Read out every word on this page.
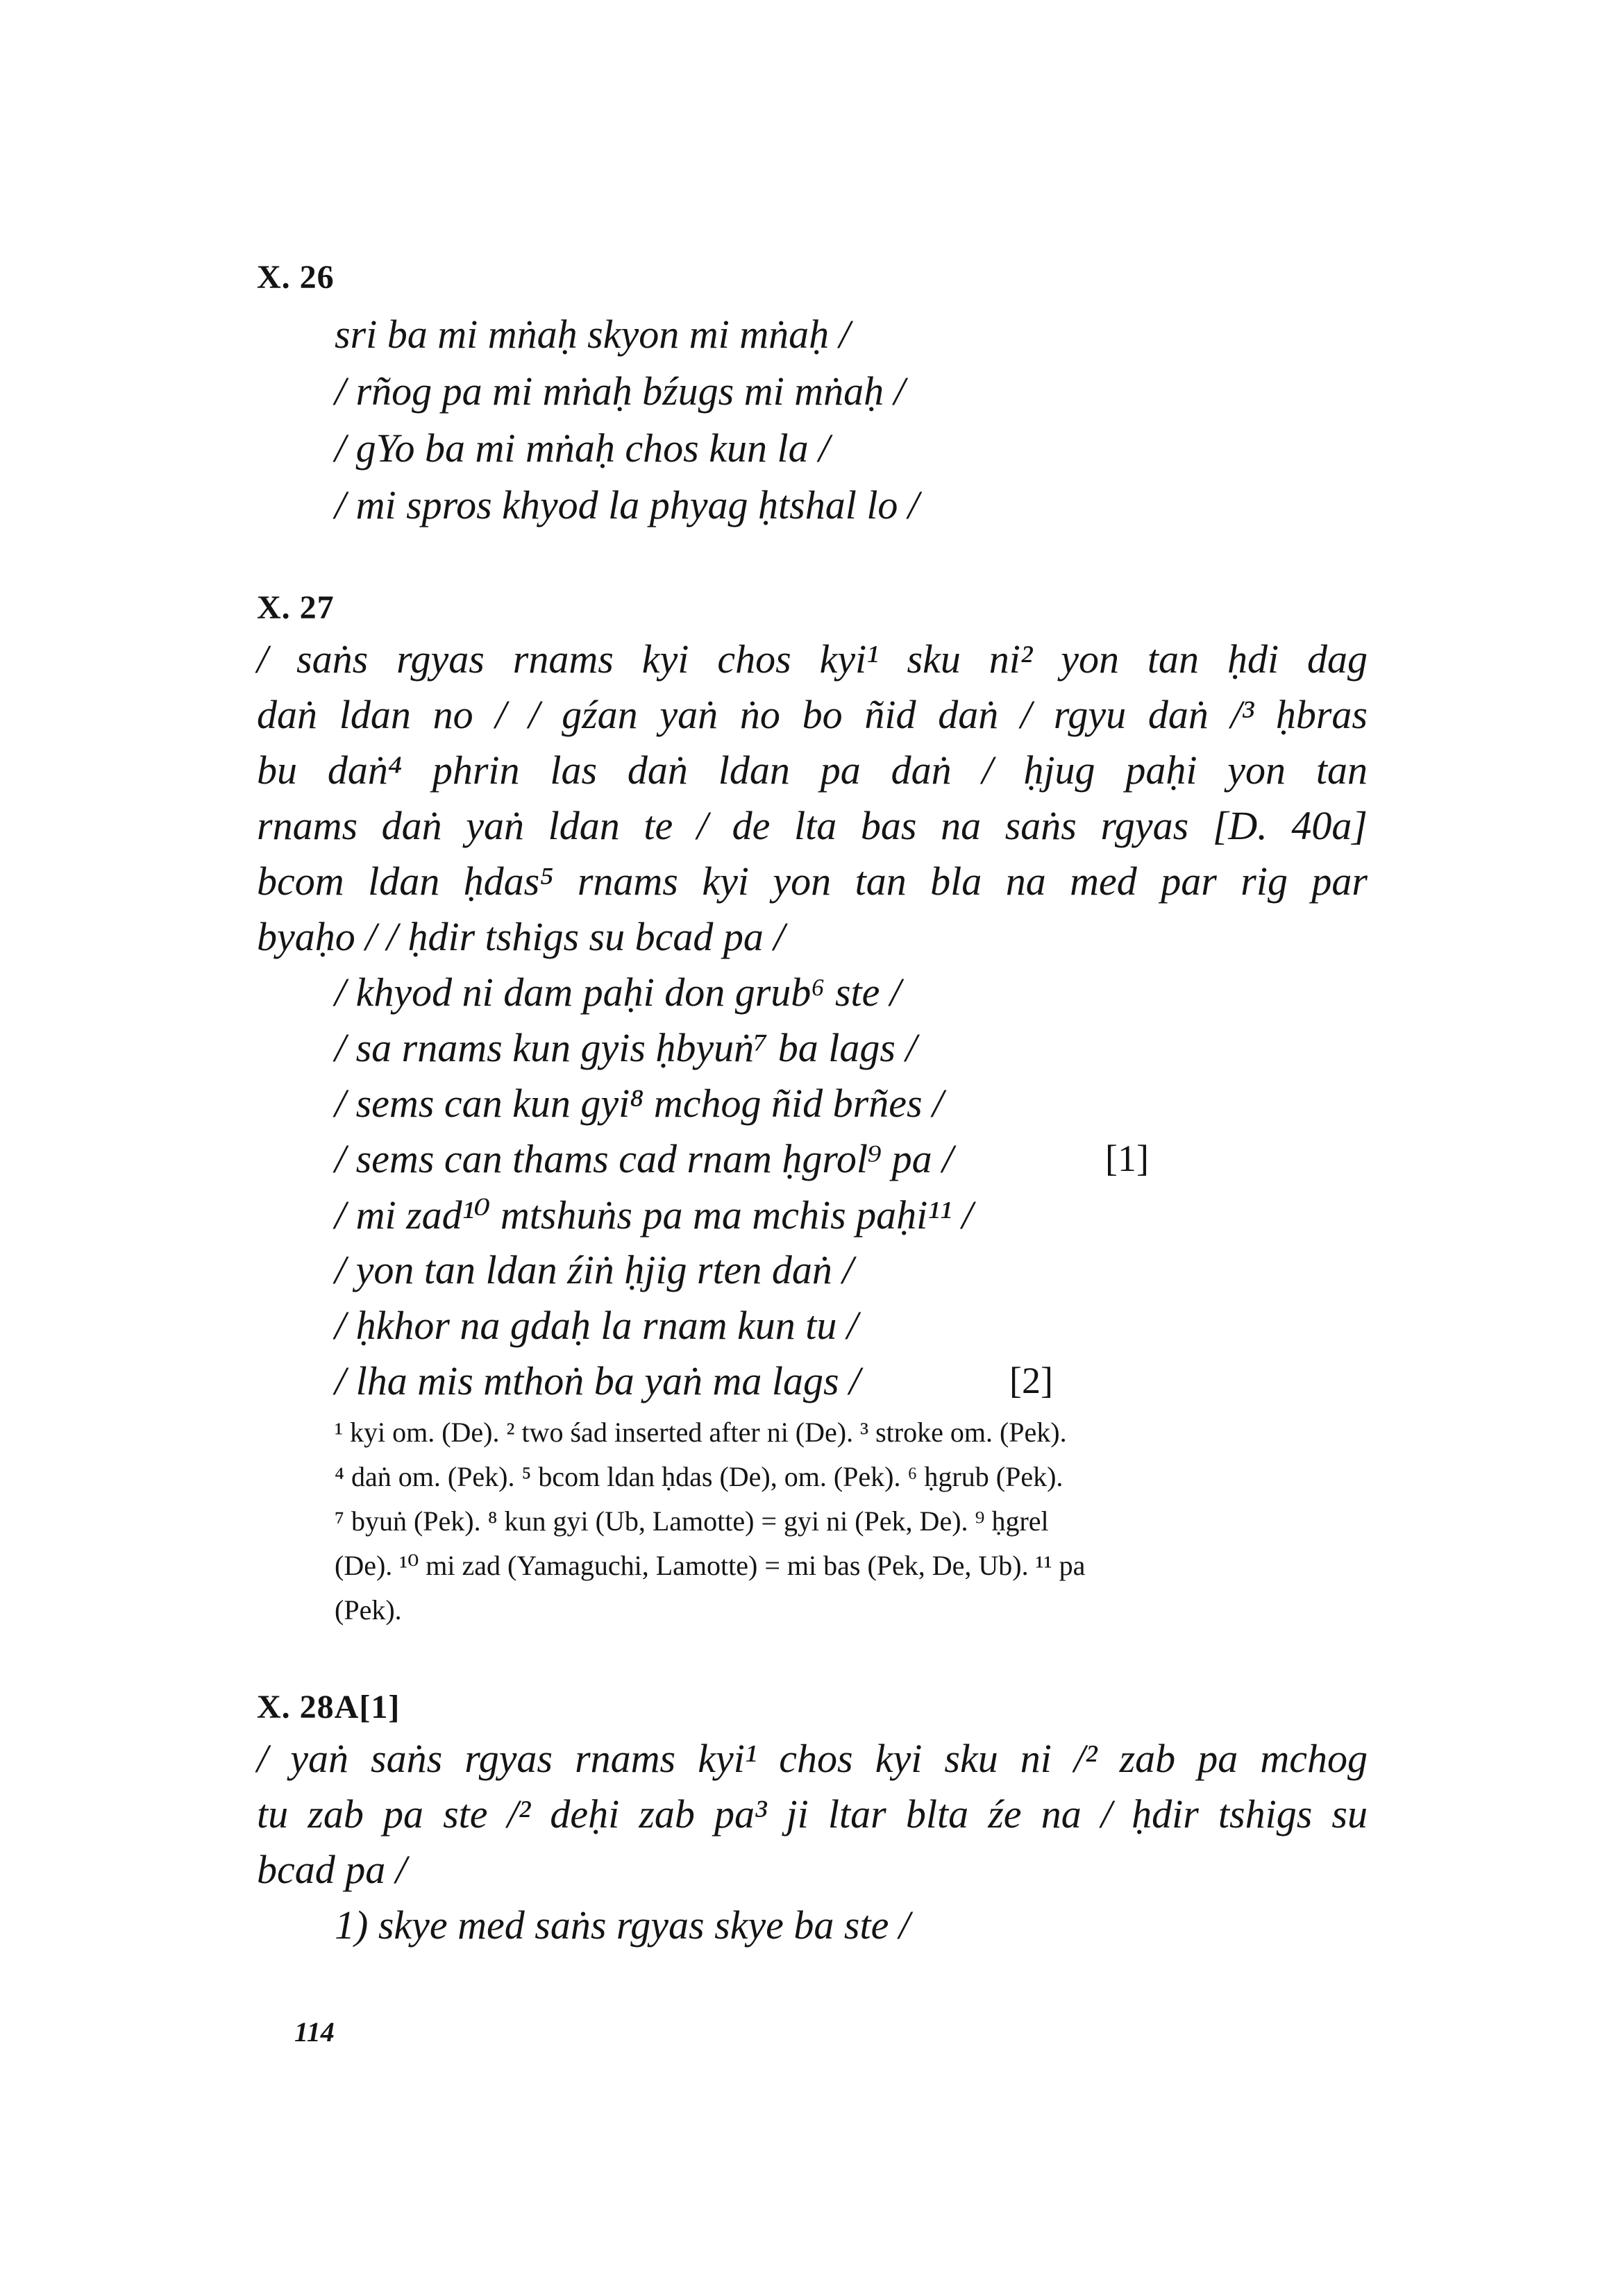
X. 26
sri ba mi mṅaḥ skyon mi mṅaḥ /
/ rñog pa mi mṅaḥ bźugs mi mṅaḥ /
/ gYo ba mi mṅaḥ chos kun la /
/ mi spros khyod la phyag ḥtshal lo /
X. 27
/ saṅs rgyas rnams kyi chos kyi¹ sku ni² yon tan ḥdi dag
daṅ ldan no / / gźan yaṅ ṅo bo ñid daṅ / rgyu daṅ /³ ḥbras
bu daṅ⁴ phrin las daṅ ldan pa daṅ / ḥjug paḥi yon tan
rnams daṅ yaṅ ldan te / de lta bas na saṅs rgyas [D. 40a]
bcom ldan ḥdas⁵ rnams kyi yon tan bla na med par rig par
byaḥo / / ḥdir tshigs su bcad pa /
/ khyod ni dam paḥi don grub⁶ ste /
/ sa rnams kun gyis ḥbyuṅ⁷ ba lags /
/ sems can kun gyi⁸ mchog ñid brñes /
/ sems can thams cad rnam ḥgrol⁹ pa /	[1]
/ mi zad¹⁰ mtshuṅs pa ma mchis paḥi¹¹ /
/ yon tan ldan źiṅ ḥjig rten daṅ /
/ ḥkhor na gdaḥ la rnam kun tu /
/ lha mis mthoṅ ba yaṅ ma lags /	[2]
¹ kyi om. (De). ² two śad inserted after ni (De). ³ stroke om. (Pek).
⁴ daṅ om. (Pek). ⁵ bcom ldan ḥdas (De), om. (Pek). ⁶ ḥgrub (Pek).
⁷ byuṅ (Pek). ⁸ kun gyi (Ub, Lamotte) = gyi ni (Pek, De). ⁹ ḥgrel
(De). ¹⁰ mi zad (Yamaguchi, Lamotte) = mi bas (Pek, De, Ub). ¹¹ pa
(Pek).
X. 28A[1]
/ yaṅ saṅs rgyas rnams kyi¹ chos kyi sku ni /² zab pa mchog
tu zab pa ste /² deḥi zab pa³ ji ltar blta źe na / ḥdir tshigs su
bcad pa /
1) skye med saṅs rgyas skye ba ste /
114
